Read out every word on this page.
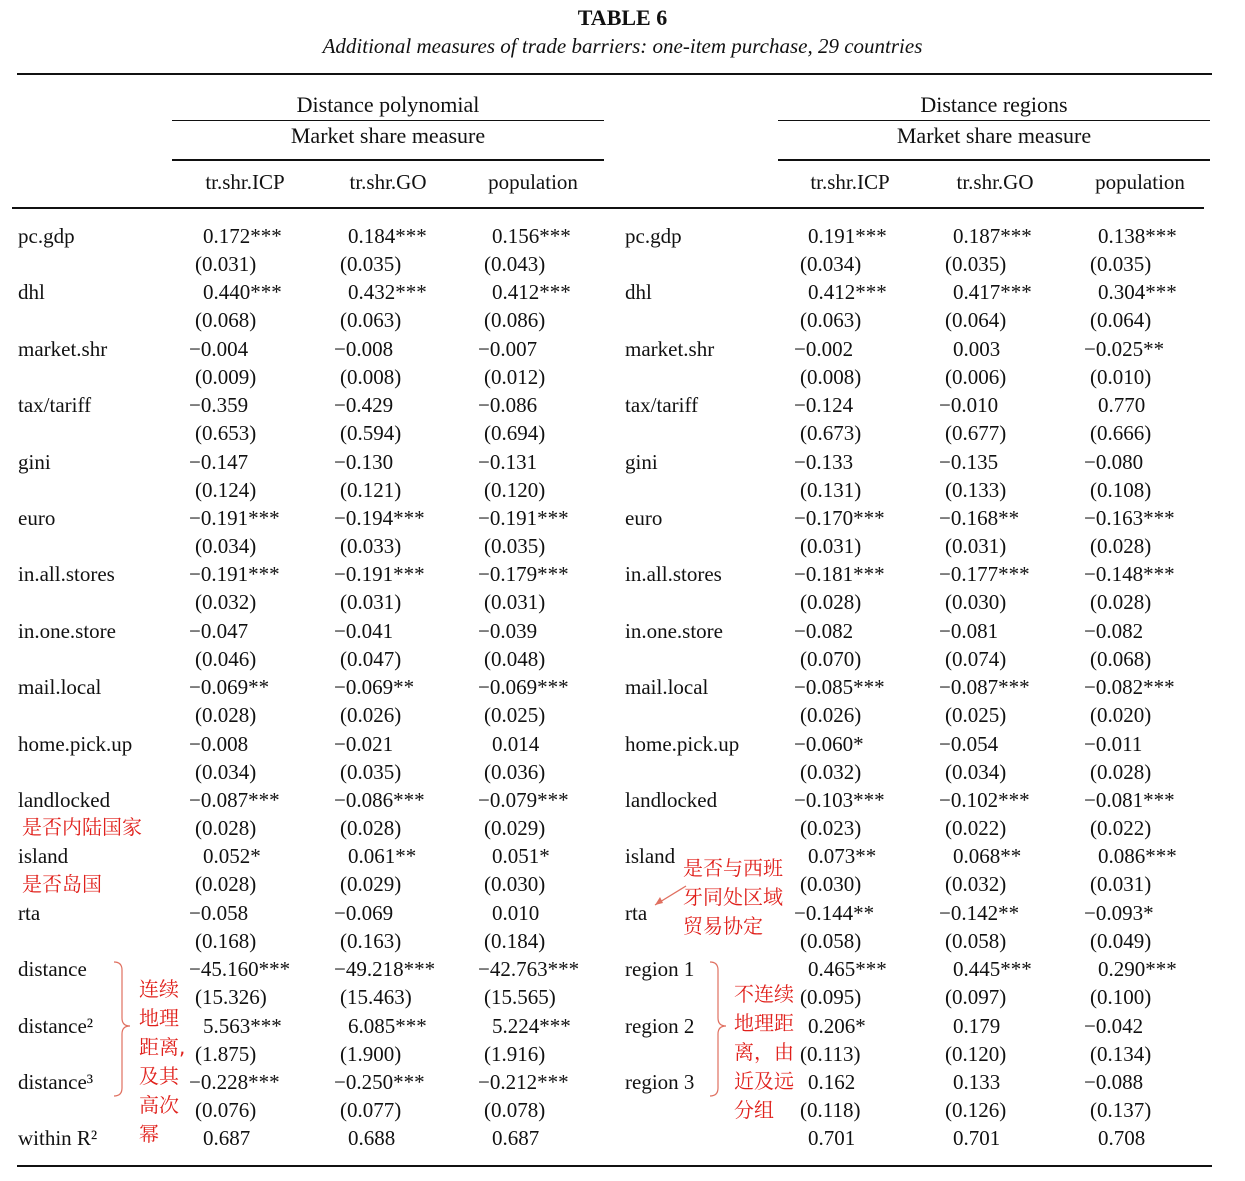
TABLE 6
Additional measures of trade barriers: one-item purchase, 29 countries
Distance polynomial
Market share measure
Distance regions
Market share measure
tr.shr.ICP	tr.shr.GO	population	tr.shr.ICP	tr.shr.GO	population
pc.gdp	0.172***	0.184***	0.156***
(0.031)	(0.035)	(0.043)
dhl	0.440***	0.432***	0.412***
(0.068)	(0.063)	(0.086)
market.shr	−0.004	−0.008	−0.007
(0.009)	(0.008)	(0.012)
tax/tariff	−0.359	−0.429	−0.086
(0.653)	(0.594)	(0.694)
gini	−0.147	−0.130	−0.131
(0.124)	(0.121)	(0.120)
euro	−0.191***	−0.194***	−0.191***
(0.034)	(0.033)	(0.035)
in.all.stores	−0.191***	−0.191***	−0.179***
(0.032)	(0.031)	(0.031)
in.one.store	−0.047	−0.041	−0.039
(0.046)	(0.047)	(0.048)
mail.local	−0.069**	−0.069**	−0.069***
(0.028)	(0.026)	(0.025)
home.pick.up	−0.008	−0.021	0.014
(0.034)	(0.035)	(0.036)
landlocked	−0.087***	−0.086***	−0.079***
(0.028)	(0.028)	(0.029)
island	0.052*	0.061**	0.051*
(0.028)	(0.029)	(0.030)
rta	−0.058	−0.069	0.010
(0.168)	(0.163)	(0.184)
distance	−45.160***	−49.218***	−42.763***
(15.326)	(15.463)	(15.565)
distance²	5.563***	6.085***	5.224***
(1.875)	(1.900)	(1.916)
distance³	−0.228***	−0.250***	−0.212***
(0.076)	(0.077)	(0.078)
within R²	0.687	0.688	0.687
pc.gdp	0.191***	0.187***	0.138***
(0.034)	(0.035)	(0.035)
dhl	0.412***	0.417***	0.304***
(0.063)	(0.064)	(0.064)
market.shr	−0.002	0.003	−0.025**
(0.008)	(0.006)	(0.010)
tax/tariff	−0.124	−0.010	0.770
(0.673)	(0.677)	(0.666)
gini	−0.133	−0.135	−0.080
(0.131)	(0.133)	(0.108)
euro	−0.170***	−0.168**	−0.163***
(0.031)	(0.031)	(0.028)
in.all.stores	−0.181***	−0.177***	−0.148***
(0.028)	(0.030)	(0.028)
in.one.store	−0.082	−0.081	−0.082
(0.070)	(0.074)	(0.068)
mail.local	−0.085***	−0.087***	−0.082***
(0.026)	(0.025)	(0.020)
home.pick.up	−0.060*	−0.054	−0.011
(0.032)	(0.034)	(0.028)
landlocked	−0.103***	−0.102***	−0.081***
(0.023)	(0.022)	(0.022)
island	0.073**	0.068**	0.086***
(0.030)	(0.032)	(0.031)
rta	−0.144**	−0.142**	−0.093*
(0.058)	(0.058)	(0.049)
region 1	0.465***	0.445***	0.290***
(0.095)	(0.097)	(0.100)
region 2	0.206*	0.179	−0.042
(0.113)	(0.120)	(0.134)
region 3	0.162	0.133	−0.088
(0.118)	(0.126)	(0.137)
0.701	0.701	0.708
是否内陆国家
是否岛国
是否与西班
牙同处区域
贸易协定
连续
地理
距离,
及其
高次
幂
不连续
地理距
离，由
近及远
分组
